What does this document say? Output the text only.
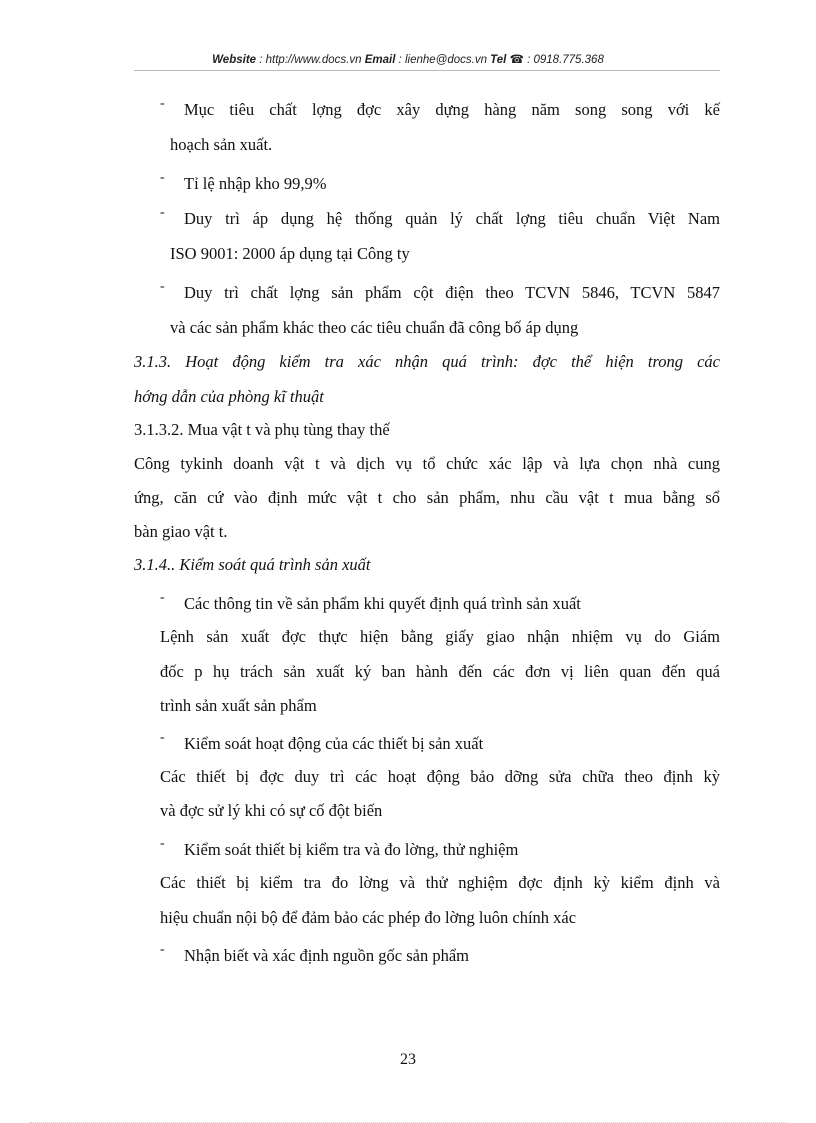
Website : http://www.docs.vn Email : lienhe@docs.vn Tel ☎ : 0918.775.368
- Mục tiêu chất lợng đợc xây dựng hàng năm song song với kế
hoạch sản xuất.
- Tỉ lệ nhập kho 99,9%
- Duy trì áp dụng hệ thống quản lý chất lợng tiêu chuẩn Việt Nam
ISO 9001: 2000 áp dụng tại Công ty
- Duy trì chất lợng sản phẩm cột điện theo TCVN 5846, TCVN 5847
và các sản phẩm khác theo các tiêu chuẩn đã công bố áp dụng
3.1.3. Hoạt động kiểm tra xác nhận quá trình: đợc thể hiện trong các
hớng dẫn của phòng kĩ thuật
3.1.3.2. Mua vật t và phụ tùng thay thế
Công tykinh doanh vật t và dịch vụ tổ chức xác lập và lựa chọn nhà cung
ứng, căn cứ vào định mức vật t cho sản phẩm, nhu cầu vật t mua bằng sổ
bàn giao vật t.
3.1.4.. Kiểm soát quá trình sản xuất
- Các thông tin về sản phẩm khi quyết định quá trình sản xuất
Lệnh sản xuất đợc thực hiện bằng giấy giao nhận nhiệm vụ do Giám
đốc p hụ trách sản xuất ký ban hành đến các đơn vị liên quan đến quá
trình sản xuất sản phẩm
- Kiểm soát hoạt động của các thiết bị sản xuất
Các thiết bị đợc duy trì các hoạt động bảo dỡng sửa chữa theo định kỳ
và đợc sử lý khi có sự cố đột biến
- Kiểm soát thiết bị kiểm tra và đo lờng, thử nghiệm
Các thiết bị kiểm tra đo lờng và thử nghiệm đợc định kỳ kiểm định và
hiệu chuẩn nội bộ để đảm bảo các phép đo lờng luôn chính xác
- Nhận biết và xác định nguồn gốc sản phẩm
23
